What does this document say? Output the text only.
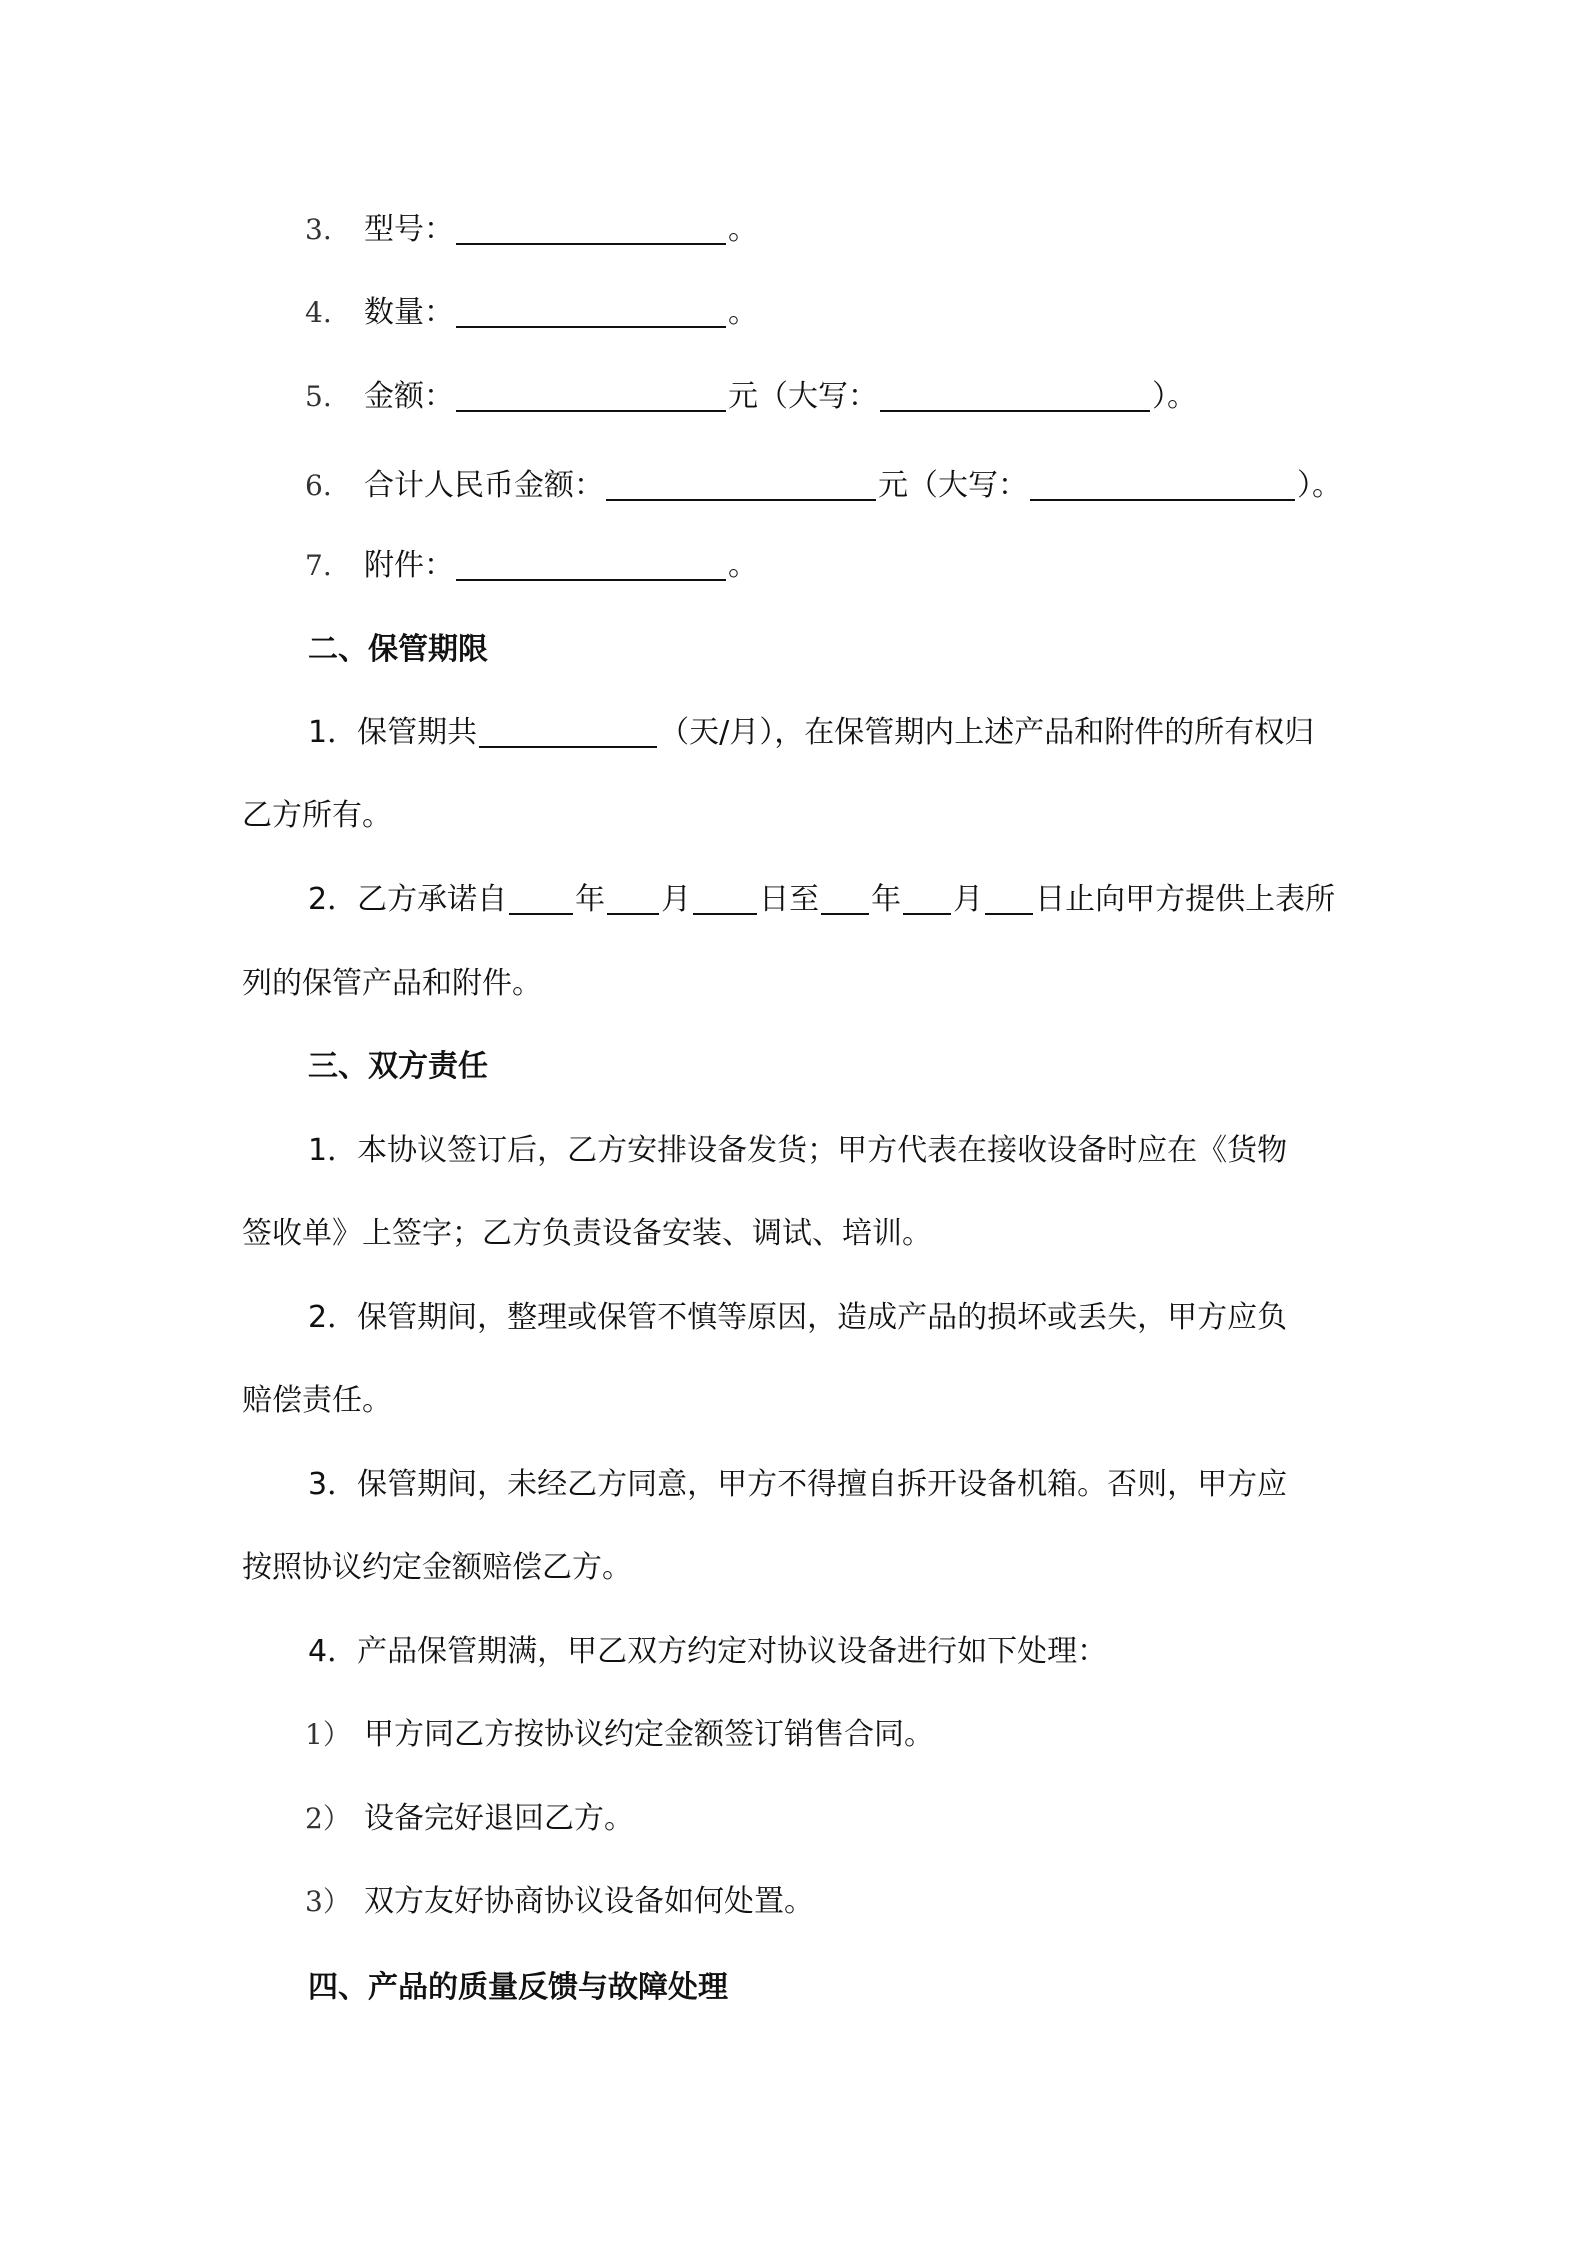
3. 型号：	。
4. 数量：	。
5. 金额：	元（大写：	）。
6. 合计人民币金额：	元（大写：	）。
7. 附件：	。
二、保管期限
1．保管期共	（天/月），在保管期内上述产品和附件的所有权归
乙方所有。
2．乙方承诺自 年 月 日至 年 月 日止向甲方提供上表所
列的保管产品和附件。
三、双方责任
1．本协议签订后，乙方安排设备发货；甲方代表在接收设备时应在《货物
签收单》上签字；乙方负责设备安装、调试、培训。
2．保管期间，整理或保管不慎等原因，造成产品的损坏或丢失，甲方应负
赔偿责任。
3．保管期间，未经乙方同意，甲方不得擅自拆开设备机箱。否则，甲方应
按照协议约定金额赔偿乙方。
4．产品保管期满，甲乙双方约定对协议设备进行如下处理：
1） 甲方同乙方按协议约定金额签订销售合同。
2） 设备完好退回乙方。
3） 双方友好协商协议设备如何处置。
四、产品的质量反馈与故障处理
